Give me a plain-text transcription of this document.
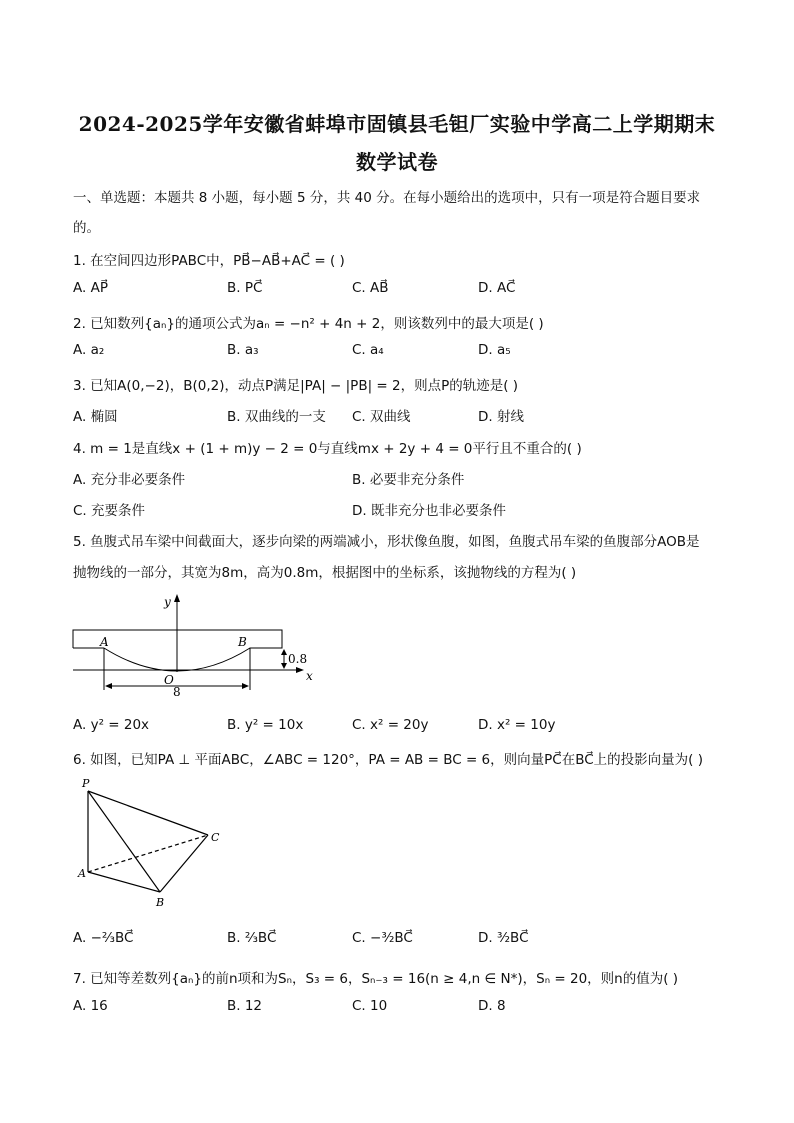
2024-2025学年安徽省蚌埠市固镇县毛钽厂实验中学高二上学期期末
数学试卷
一、单选题：本题共 8 小题，每小题 5 分，共 40 分。在每小题给出的选项中，只有一项是符合题目要求
的。
1. 在空间四边形PABC中，PB⃗−AB⃗+AC⃗ = ( )
A. AP⃗	B. PC⃗	C. AB⃗	D. AC⃗
2. 已知数列{aₙ}的通项公式为aₙ = −n² + 4n + 2，则该数列中的最大项是( )
A. a₂	B. a₃	C. a₄	D. a₅
3. 已知A(0,−2)，B(0,2)，动点P满足|PA| − |PB| = 2，则点P的轨迹是( )
A. 椭圆	B. 双曲线的一支 C. 双曲线	D. 射线
4. m = 1是直线x + (1 + m)y − 2 = 0与直线mx + 2y + 4 = 0平行且不重合的( )
A. 充分非必要条件	B. 必要非充分条件
C. 充要条件	D. 既非充分也非必要条件
5. 鱼腹式吊车梁中间截面大，逐步向梁的两端减小，形状像鱼腹，如图，鱼腹式吊车梁的鱼腹部分AOB是
抛物线的一部分，其宽为8m，高为0.8m，根据图中的坐标系，该抛物线的方程为( )
y
A	B
x
O
8
0.8
A. y² = 20x	B. y² = 10x	C. x² = 20y	D. x² = 10y
6. 如图，已知PA ⊥ 平面ABC，∠ABC = 120°，PA = AB = BC = 6，则向量PC⃗在BC⃗上的投影向量为( )
P
A
B
C
A. −⅔BC⃗	B. ⅔BC⃗	C. −³⁄₂BC⃗	D. ³⁄₂BC⃗
7. 已知等差数列{aₙ}的前n项和为Sₙ，S₃ = 6，Sₙ₋₃ = 16(n ≥ 4,n ∈ N*)，Sₙ = 20，则n的值为( )
A. 16	B. 12	C. 10	D. 8
